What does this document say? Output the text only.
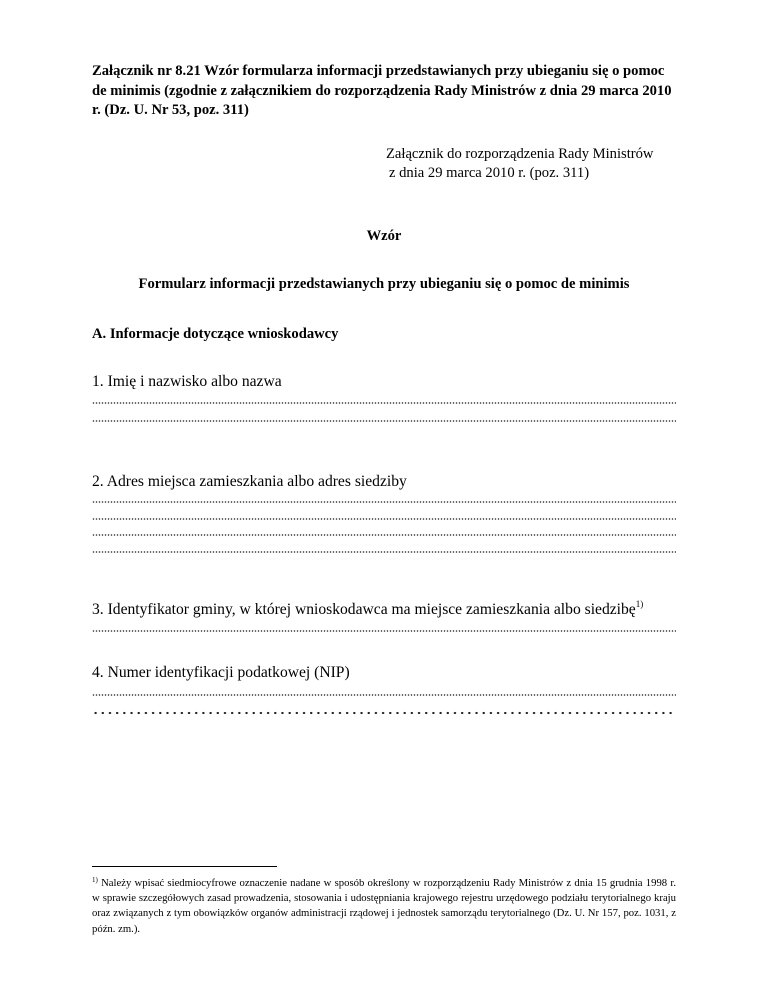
Załącznik nr 8.21 Wzór formularza informacji przedstawianych przy ubieganiu się o pomoc de minimis (zgodnie z załącznikiem do rozporządzenia Rady Ministrów z dnia 29 marca 2010 r. (Dz. U. Nr 53, poz. 311)
Załącznik do rozporządzenia Rady Ministrów
z dnia 29 marca 2010 r. (poz. 311)
Wzór
Formularz informacji przedstawianych przy ubieganiu się o pomoc de minimis
A. Informacje dotyczące wnioskodawcy
1. Imię i nazwisko albo nazwa
2. Adres miejsca zamieszkania albo adres siedziby
3. Identyfikator gminy, w której wnioskodawca ma miejsce zamieszkania albo siedzibę$^{1)}$
4. Numer identyfikacji podatkowej (NIP)
$^{1)}$ Należy wpisać siedmiocyfrowe oznaczenie nadane w sposób określony w rozporządzeniu Rady Ministrów z dnia 15 grudnia 1998 r. w sprawie szczegółowych zasad prowadzenia, stosowania i udostępniania krajowego rejestru urzędowego podziału terytorialnego kraju oraz związanych z tym obowiązków organów administracji rządowej i jednostek samorządu terytorialnego (Dz. U. Nr 157, poz. 1031, z późn. zm.).
